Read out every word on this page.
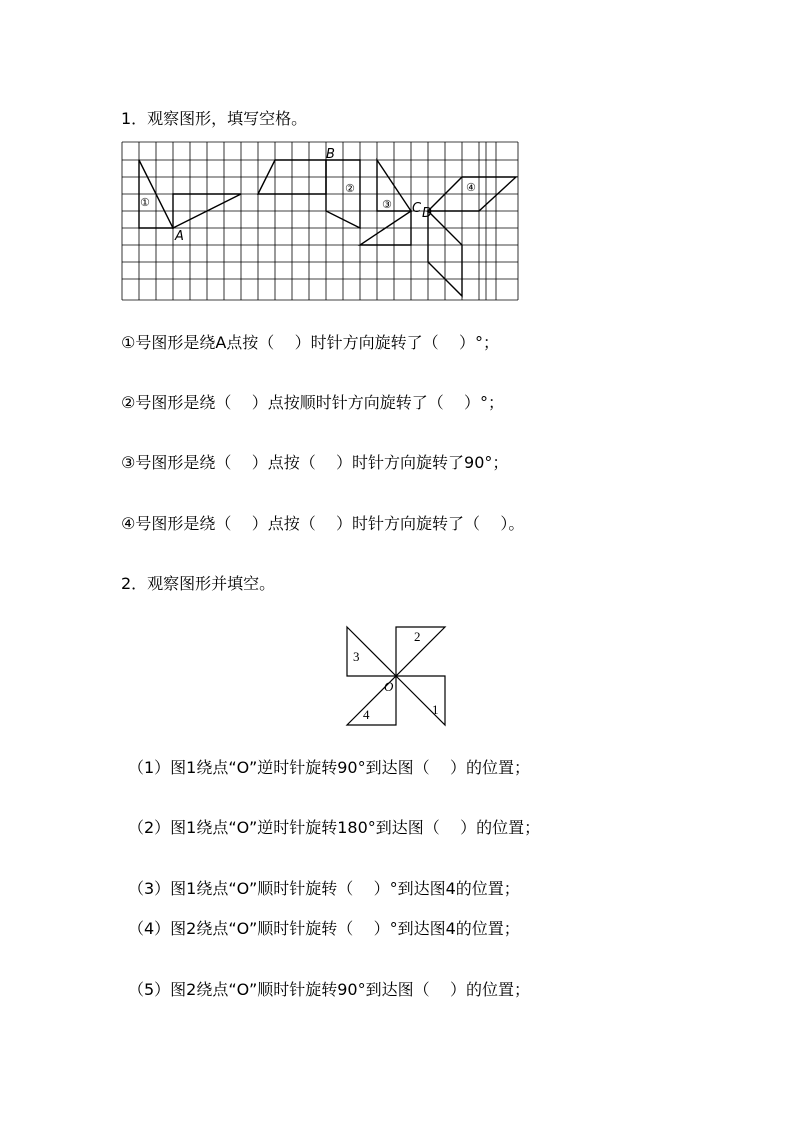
1．观察图形，填写空格。
①
A
B
②
③ C D
④
①号图形是绕A点按（    ）时针方向旋转了（    ）°；
②号图形是绕（    ）点按顺时针方向旋转了（    ）°；
③号图形是绕（    ）点按（    ）时针方向旋转了90°；
④号图形是绕（    ）点按（    ）时针方向旋转了（    ）。
2．观察图形并填空。
3
2
1
4
O
（1）图1绕点“O”逆时针旋转90°到达图（    ）的位置；
（2）图1绕点“O”逆时针旋转180°到达图（    ）的位置；
（3）图1绕点“O”顺时针旋转（    ）°到达图4的位置；
（4）图2绕点“O”顺时针旋转（    ）°到达图4的位置；
（5）图2绕点“O”顺时针旋转90°到达图（    ）的位置；
